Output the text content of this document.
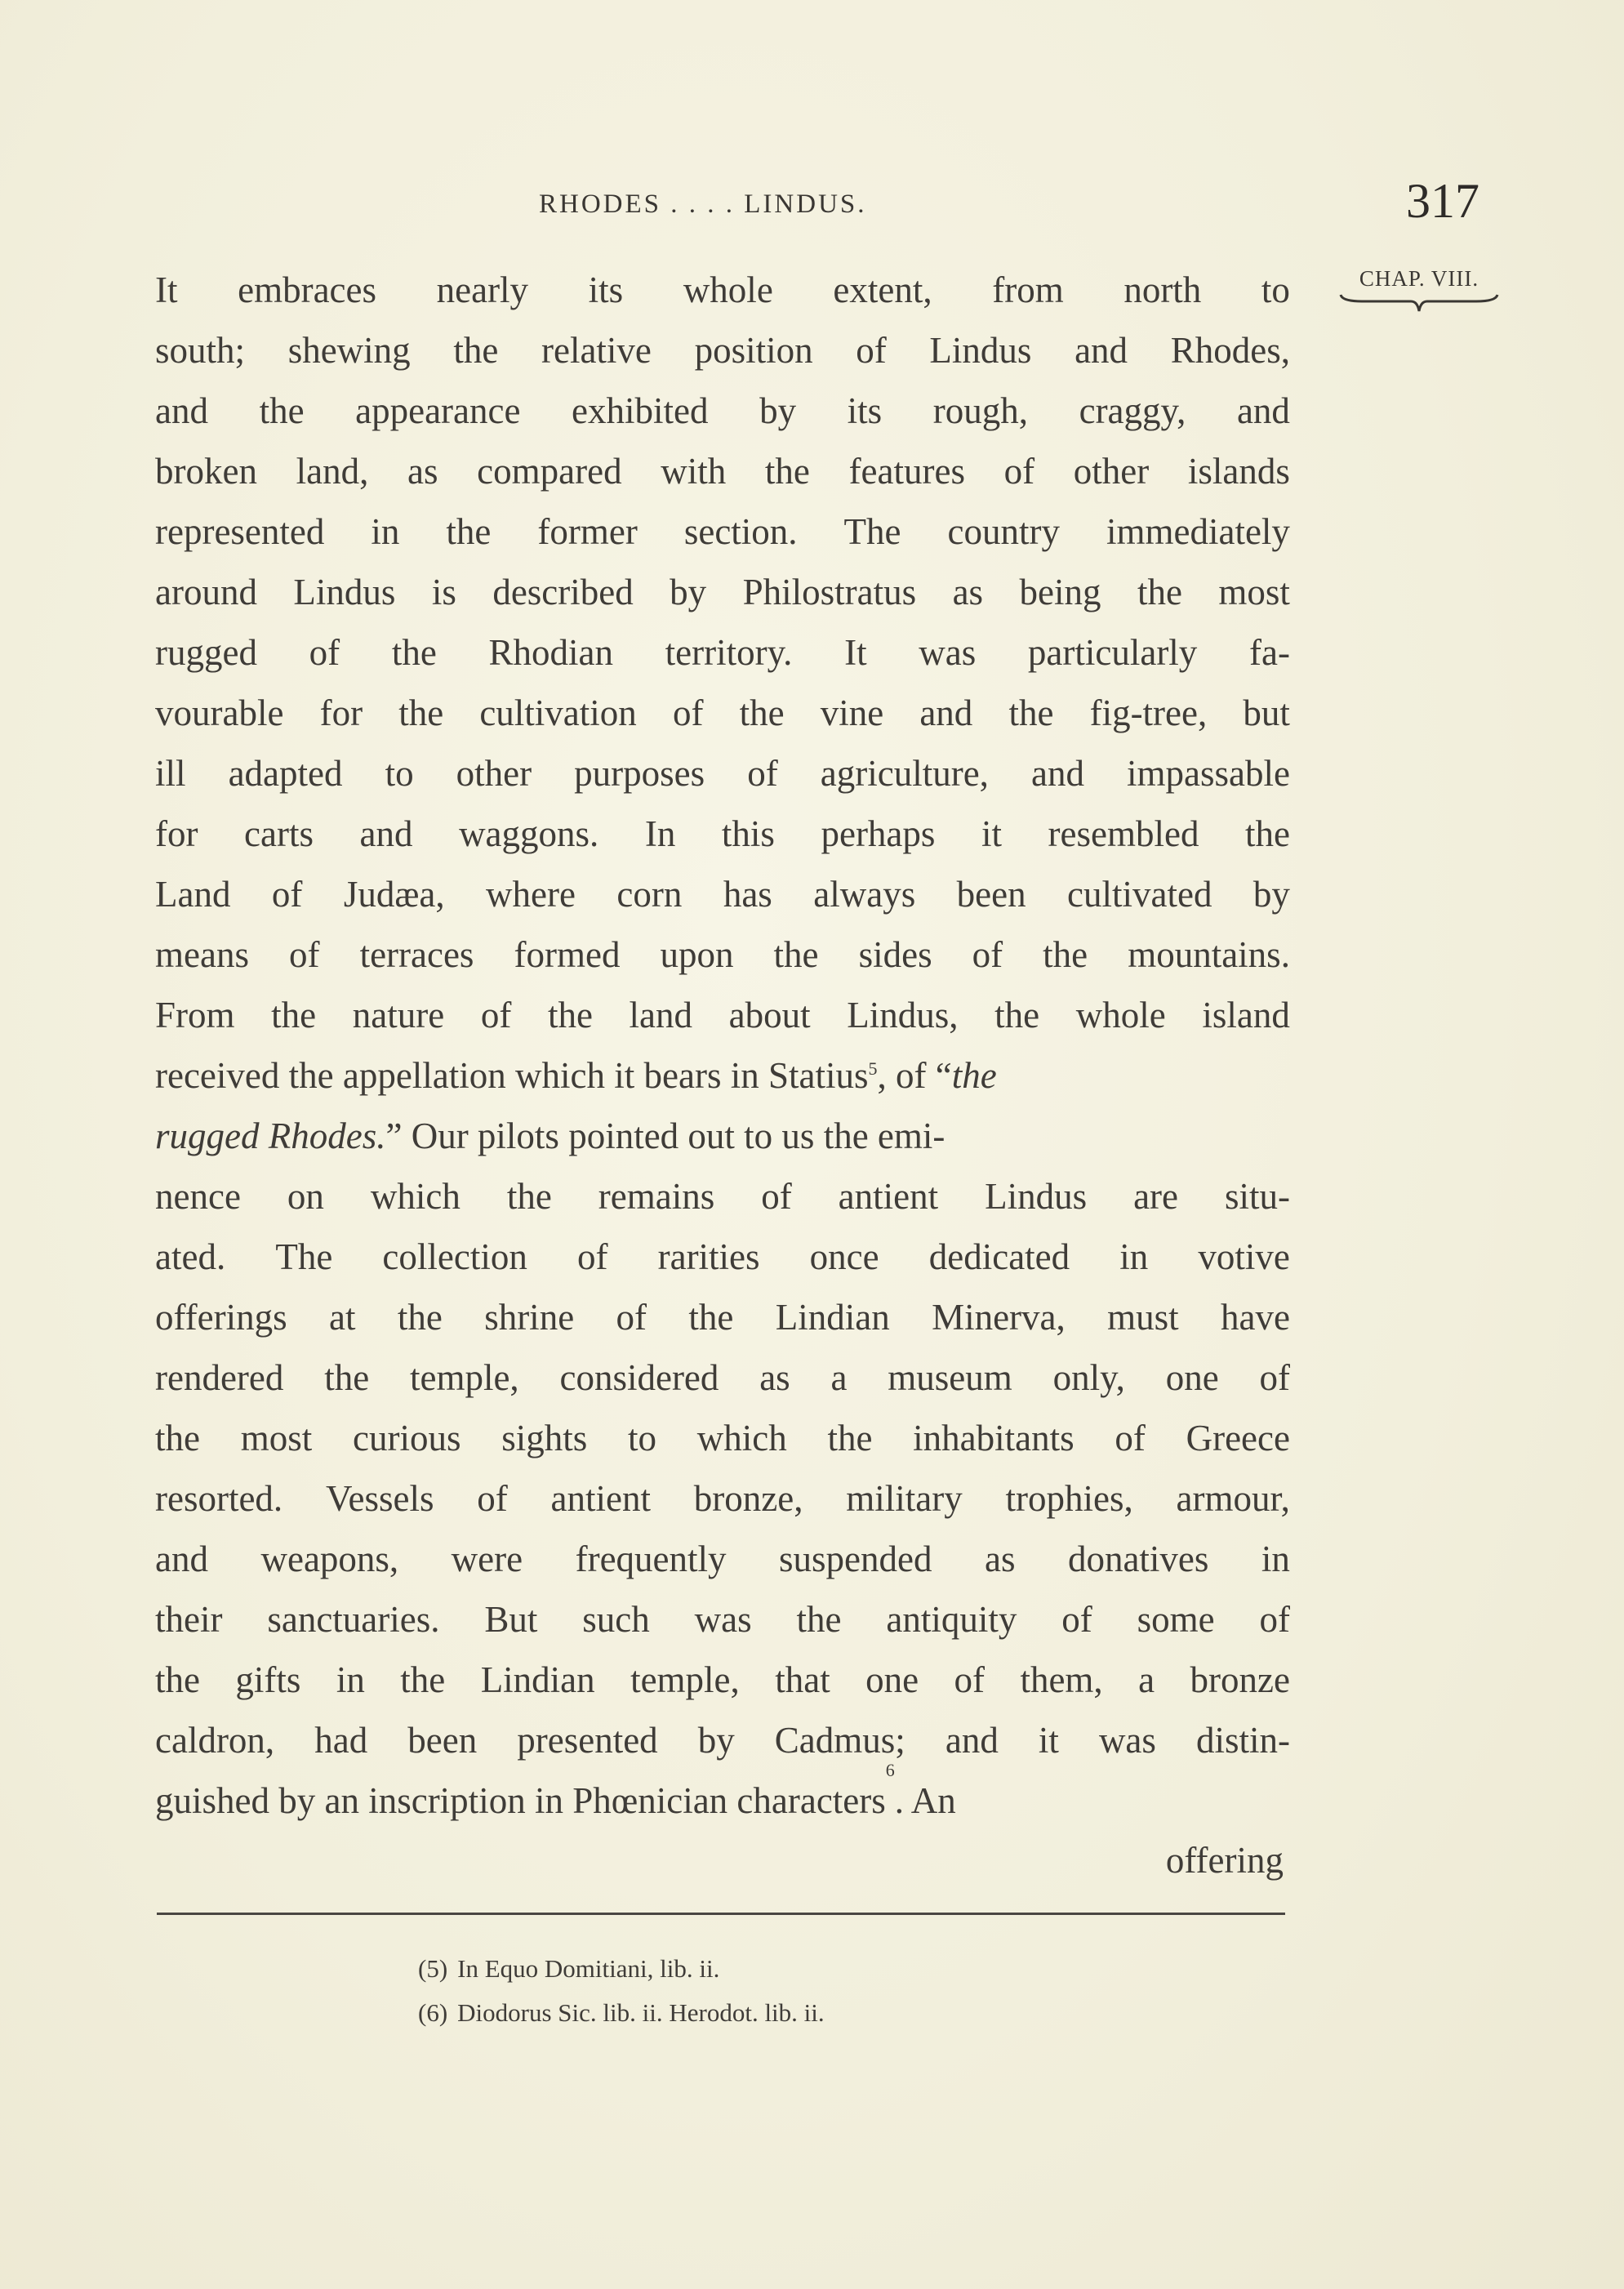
RHODES . . . . LINDUS.	317
CHAP. VIII.
It embraces nearly its whole extent, from north to
south; shewing the relative position of Lindus and Rhodes,
and the appearance exhibited by its rough, craggy, and
broken land, as compared with the features of other islands
represented in the former section. The country immediately
around Lindus is described by Philostratus as being the most
rugged of the Rhodian territory. It was particularly fa-
vourable for the cultivation of the vine and the fig-tree, but
ill adapted to other purposes of agriculture, and impassable
for carts and waggons. In this perhaps it resembled the
Land of Judæa, where corn has always been cultivated by
means of terraces formed upon the sides of the mountains.
From the nature of the land about Lindus, the whole island
received the appellation which it bears in Statius$^5$, of “the
rugged Rhodes. ” Our pilots pointed out to us the emi-
nence on which the remains of antient Lindus are situ-
ated. The collection of rarities once dedicated in votive
offerings at the shrine of the Lindian Minerva, must have
rendered the temple, considered as a museum only, one of
the most curious sights to which the inhabitants of Greece
resorted. Vessels of antient bronze, military trophies, armour,
and weapons, were frequently suspended as donatives in
their sanctuaries. But such was the antiquity of some of
the gifts in the Lindian temple, that one of them, a bronze
caldron, had been presented by Cadmus; and it was distin-
guished by an inscription in Phœnician characters
6
. An
offering
(5) In Equo Domitiani, lib. ii.
(6) Diodorus Sic. lib. ii. Herodot. lib. ii.
